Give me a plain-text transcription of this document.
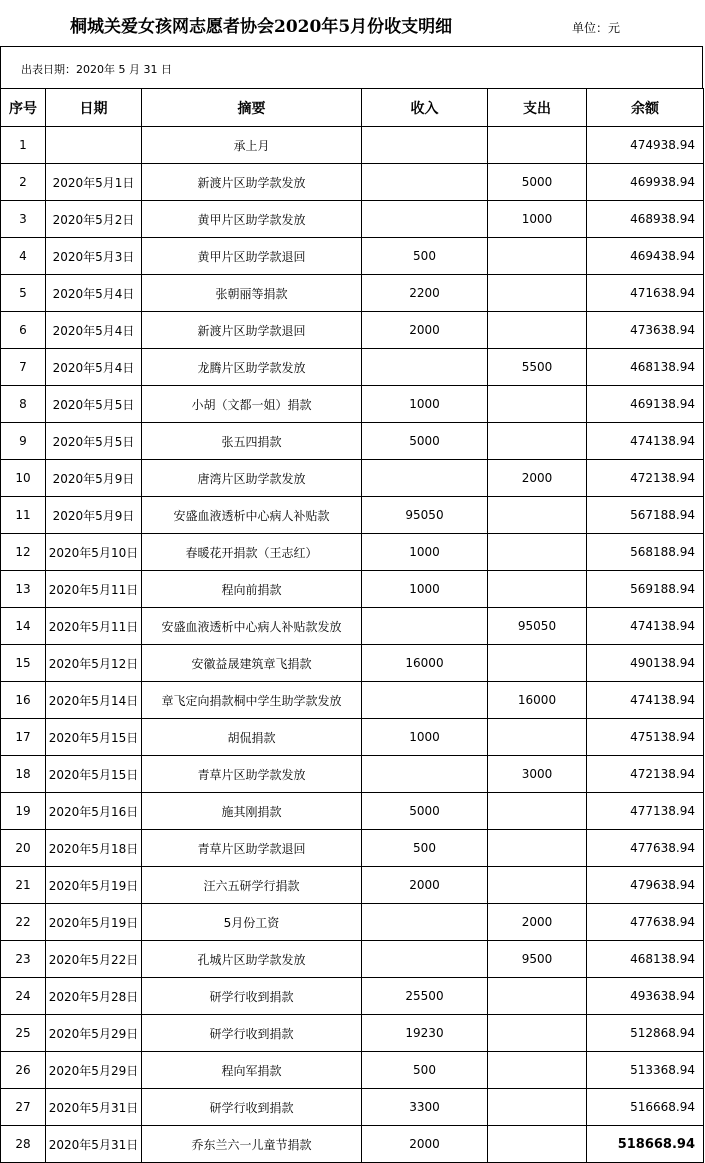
桐城关爱女孩网志愿者协会2020年5月份收支明细	单位：元
出表日期：2020年 5 月 31 日
序号	日期	摘要	收入	支出	余额
1		承上月			474938.94
2	2020年5月1日	新渡片区助学款发放		5000	469938.94
3	2020年5月2日	黄甲片区助学款发放		1000	468938.94
4	2020年5月3日	黄甲片区助学款退回	500		469438.94
5	2020年5月4日	张朝丽等捐款	2200		471638.94
6	2020年5月4日	新渡片区助学款退回	2000		473638.94
7	2020年5月4日	龙腾片区助学款发放		5500	468138.94
8	2020年5月5日	小胡（文都一姐）捐款	1000		469138.94
9	2020年5月5日	张五四捐款	5000		474138.94
10	2020年5月9日	唐湾片区助学款发放		2000	472138.94
11	2020年5月9日	安盛血液透析中心病人补贴款	95050		567188.94
12	2020年5月10日	春暖花开捐款（王志红）	1000		568188.94
13	2020年5月11日	程向前捐款	1000		569188.94
14	2020年5月11日	安盛血液透析中心病人补贴款发放		95050	474138.94
15	2020年5月12日	安徽益晟建筑章飞捐款	16000		490138.94
16	2020年5月14日	章飞定向捐款桐中学生助学款发放		16000	474138.94
17	2020年5月15日	胡侃捐款	1000		475138.94
18	2020年5月15日	青草片区助学款发放		3000	472138.94
19	2020年5月16日	施其刚捐款	5000		477138.94
20	2020年5月18日	青草片区助学款退回	500		477638.94
21	2020年5月19日	汪六五研学行捐款	2000		479638.94
22	2020年5月19日	5月份工资		2000	477638.94
23	2020年5月22日	孔城片区助学款发放		9500	468138.94
24	2020年5月28日	研学行收到捐款	25500		493638.94
25	2020年5月29日	研学行收到捐款	19230		512868.94
26	2020年5月29日	程向军捐款	500		513368.94
27	2020年5月31日	研学行收到捐款	3300		516668.94
28	2020年5月31日	乔东兰六一儿童节捐款	2000		518668.94
